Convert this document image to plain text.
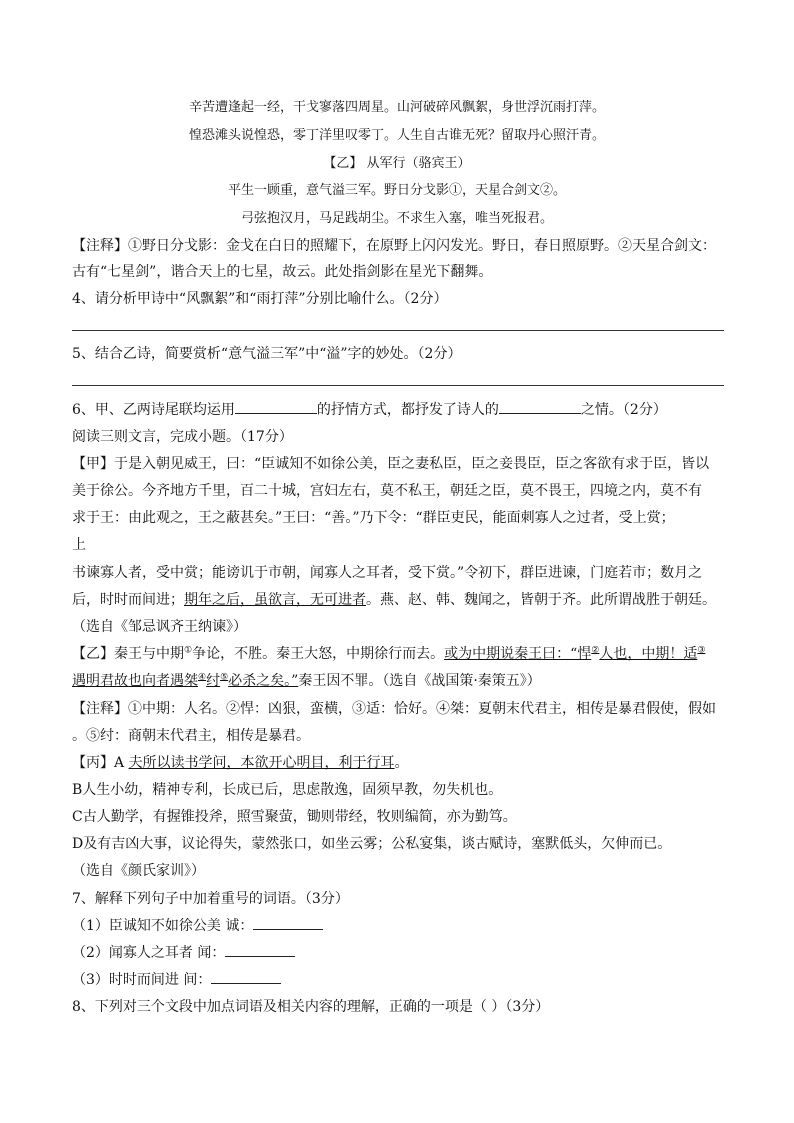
辛苦遭逢起一经，干戈寥落四周星。山河破碎风飘絮，身世浮沉雨打萍。
惶恐滩头说惶恐，零丁洋里叹零丁。人生自古谁无死？留取丹心照汗青。
【乙】 从军行（骆宾王）
平生一顾重，意气溢三军。野日分戈影①，天星合剑文②。
弓弦抱汉月，马足践胡尘。不求生入塞，唯当死报君。
【注释】①野日分戈影：金戈在白日的照耀下，在原野上闪闪发光。野日，春日照原野。②天星合剑文：
古有“七星剑”，谐合天上的七星，故云。此处指剑影在星光下翻舞。
4、请分析甲诗中“风飘絮”和“雨打萍”分别比喻什么。（2分）
5、结合乙诗，简要赏析“意气溢三军”中“溢”字的妙处。（2分）
6、甲、乙两诗尾联均运用	的抒情方式，都抒发了诗人的	之情。（2分）
阅读三则文言，完成小题。（17分）
【甲】于是入朝见威王，曰：“臣诚知不如徐公美，臣之妻私臣，臣之妾畏臣，臣之客欲有求于臣，皆以
美于徐公。今齐地方千里，百二十城，宫妇左右，莫不私王，朝廷之臣，莫不畏王，四境之内，莫不有
求于王：由此观之，王之蔽甚矣。”王曰：“善。”乃下令：“群臣吏民，能面刺寡人之过者，受上赏；
上
书谏寡人者，受中赏；能谤讥于市朝，闻寡人之耳者，受下赏。”令初下，群臣进谏，门庭若市；数月之
后，时时而间进；期年之后，虽欲言，无可进者。燕、赵、韩、魏闻之，皆朝于齐。此所谓战胜于朝廷。
（选自《邹忌讽齐王纳谏》）
【乙】秦王与中期①争论，不胜。秦王大怒，中期徐行而去。或为中期说秦王曰：“悍②人也，中期！适③
遇明君故也向者遇桀④纣⑤必杀之矣。”秦王因不罪。（选自《战国策·秦策五》）
【注释】①中期：人名。②悍：凶狠，蛮横，③适：恰好。④桀：夏朝末代君主，相传是暴君假使，假如
。⑤纣：商朝末代君主，相传是暴君。
【丙】A 夫所以读书学问，本欲开心明目，利于行耳。
B人生小幼，精神专利，长成已后，思虑散逸，固须早教，勿失机也。
C古人勤学，有握锥投斧，照雪聚萤，锄则带经，牧则编简，亦为勤笃。
D及有吉凶大事，议论得失，蒙然张口，如坐云雾；公私宴集，谈古赋诗，塞默低头，欠伸而已。
（选自《颜氏家训》）
7、解释下列句子中加着重号的词语。（3分）
（1）臣诚知不如徐公美 诚：
（2）闻寡人之耳者 闻：
（3）时时而间进 间：
8、下列对三个文段中加点词语及相关内容的理解，正确的一项是（ ）（3分）
